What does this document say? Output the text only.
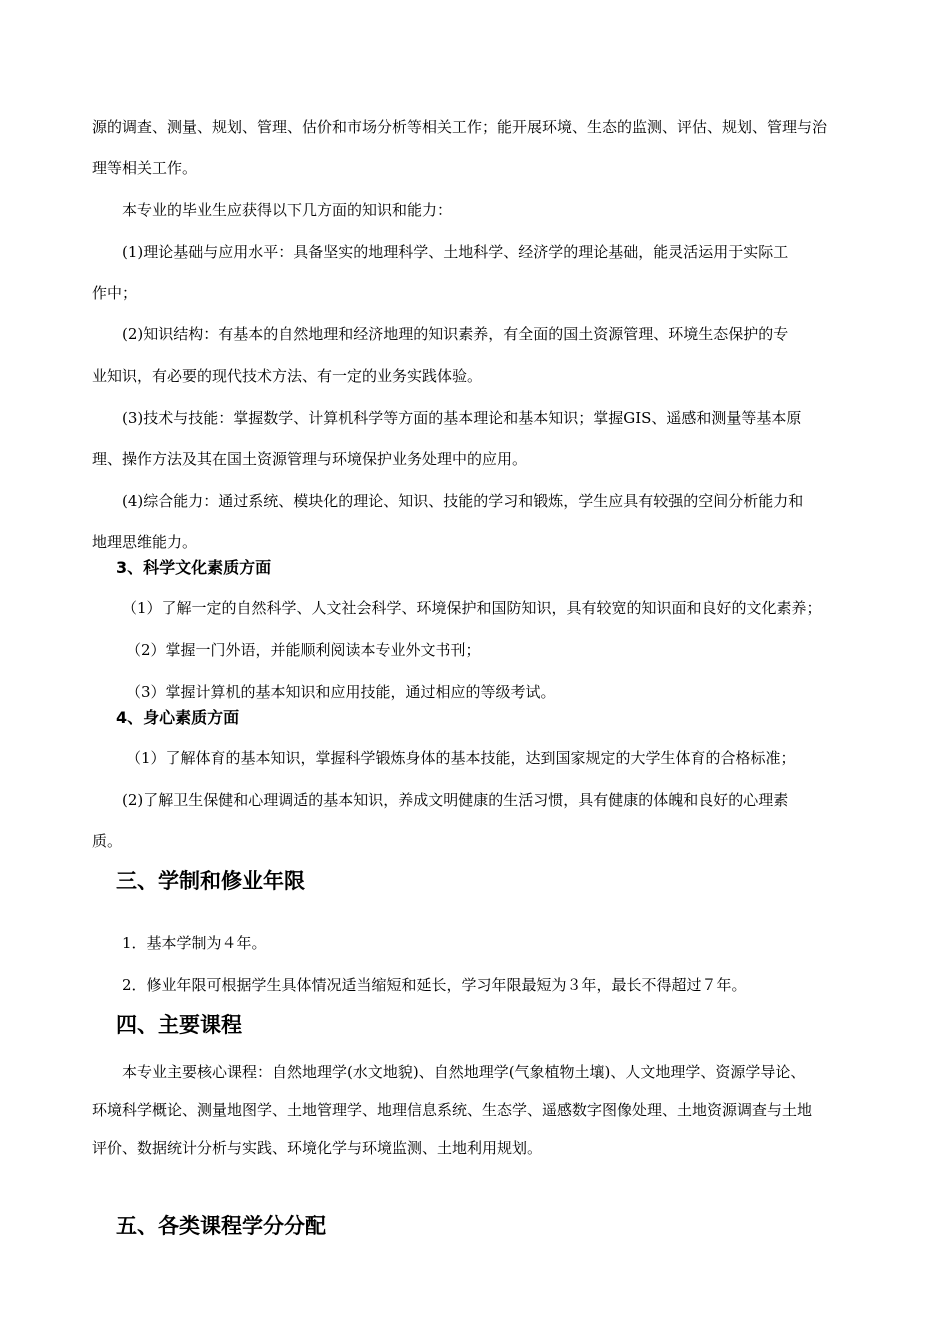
源的调查、测量、规划、管理、估价和市场分析等相关工作；能开展环境、生态的监测、评估、规划、管理与治
理等相关工作。
本专业的毕业生应获得以下几方面的知识和能力：
(1)理论基础与应用水平：具备坚实的地理科学、土地科学、经济学的理论基础，能灵活运用于实际工
作中；
(2)知识结构：有基本的自然地理和经济地理的知识素养，有全面的国土资源管理、环境生态保护的专
业知识，有必要的现代技术方法、有一定的业务实践体验。
(3)技术与技能：掌握数学、计算机科学等方面的基本理论和基本知识；掌握GIS、遥感和测量等基本原
理、操作方法及其在国土资源管理与环境保护业务处理中的应用。
(4)综合能力：通过系统、模块化的理论、知识、技能的学习和锻炼，学生应具有较强的空间分析能力和
地理思维能力。
3、科学文化素质方面
（1）了解一定的自然科学、人文社会科学、环境保护和国防知识，具有较宽的知识面和良好的文化素养；
（2）掌握一门外语，并能顺利阅读本专业外文书刊；
（3）掌握计算机的基本知识和应用技能，通过相应的等级考试。
4、身心素质方面
（1）了解体育的基本知识，掌握科学锻炼身体的基本技能，达到国家规定的大学生体育的合格标准；
(2)了解卫生保健和心理调适的基本知识，养成文明健康的生活习惯，具有健康的体魄和良好的心理素
质。
三、学制和修业年限
1．基本学制为４年。
2．修业年限可根据学生具体情况适当缩短和延长，学习年限最短为３年，最长不得超过７年。
四、主要课程
本专业主要核心课程：自然地理学(水文地貌)、自然地理学(气象植物土壤)、人文地理学、资源学导论、
环境科学概论、测量地图学、土地管理学、地理信息系统、生态学、遥感数字图像处理、土地资源调查与土地
评价、数据统计分析与实践、环境化学与环境监测、土地利用规划。
五、各类课程学分分配
